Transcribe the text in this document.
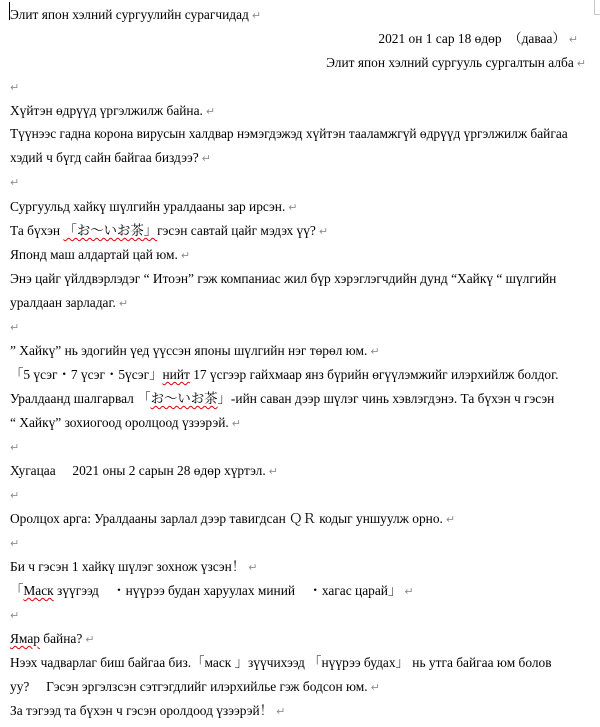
Элит япон хэлний сургуулийн сурагчидад ↵
2021 он 1 сар 18 өдөр　（даваа） ↵
Элит япон хэлний сургууль сургалтын алба ↵
↵
Хүйтэн өдрүүд үргэлжилж байна. ↵
Түүнээс гадна корона вирусын халдвар нэмэгдэжэд хүйтэн тааламжгүй өдрүүд үргэлжилж байгаа
хэдий ч бүгд сайн байгаа биздээ? ↵
↵
Сургуульд хайкү шүлгийн уралдааны зар ирсэн. ↵
Та бүхэн 「お～いお茶」гэсэн савтай цайг мэдэх үү? ↵
Японд маш алдартай цай юм. ↵
Энэ цайг үйлдвэрлэдэг “ Итоэн” гэж компаниас жил бүр хэрэглэгчдийн дунд “Хайкү “ шүлгийн
уралдаан зарладаг. ↵
↵
” Хайкү” нь эдогийн үед үүссэн японы шүлгийн нэг төрөл юм. ↵
「5 үсэг・7 үсэг・5үсэг」нийт 17 үсгээр гайхмаар янз бүрийн өгүүлэмжийг илэрхийлж болдог.
Уралдаанд шалгарвал 「お～いお茶」-ийн саван дээр шүлэг чинь хэвлэгдэнэ. Та бүхэн ч гэсэн
“ Хайкү” зохиогоод оролцоод үзээрэй. ↵
↵
Хугацаа　 2021 оны 2 сарын 28 өдөр хүртэл. ↵
↵
Оролцох арга: Уралдааны зарлал дээр тавигдсан ＱＲ кодыг уншуулж орно. ↵
↵
Би ч гэсэн 1 хайкү шүлэг зохнож үзсэн！ ↵
「Маск зүүгээд　・нүүрээ будан харуулах миний　・хагас царай」 ↵
↵
Ямар байна? ↵
Нээх чадварлаг биш байгаа биз.「маск 」зүүчихээд 「нүүрээ будах」 нь утга байгаа юм болов
уу?　 Гэсэн эргэлзсэн сэтгэгдлийг илэрхийлье гэж бодсон юм. ↵
За тэгээд та бүхэн ч гэсэн оролдоод үзээрэй！ ↵
